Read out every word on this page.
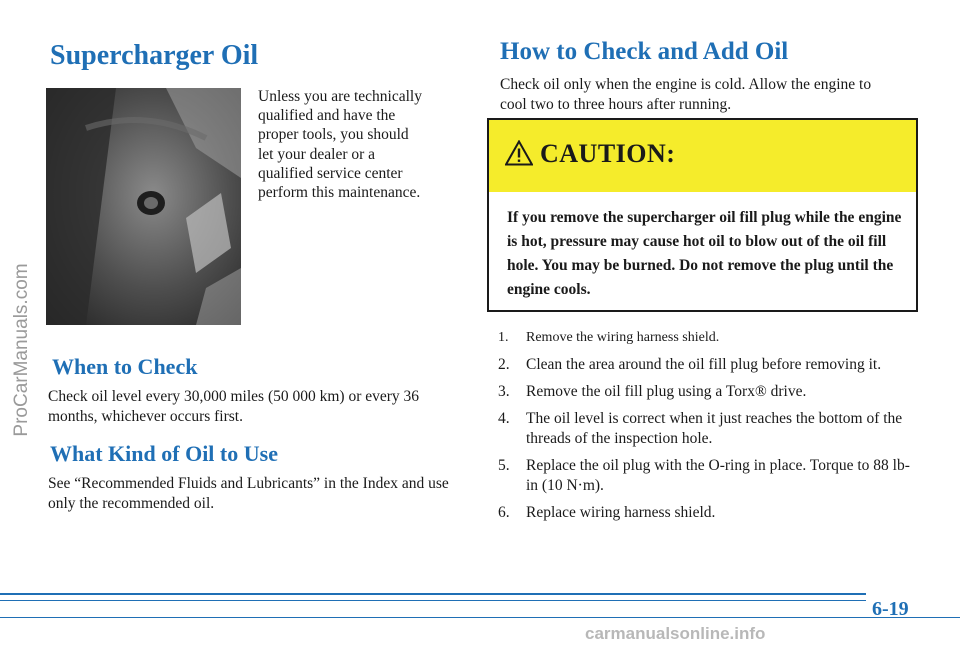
Supercharger Oil

Unless you are technically qualified and have the proper tools, you should let your dealer or a qualified service center perform this maintenance.

When to Check

Check oil level every 30,000 miles (50 000 km) or every 36 months, whichever occurs first.

What Kind of Oil to Use

See “Recommended Fluids and Lubricants” in the Index and use only the recommended oil.

How to Check and Add Oil

Check oil only when the engine is cold. Allow the engine to cool two to three hours after running.

CAUTION:

If you remove the supercharger oil fill plug while the engine is hot, pressure may cause hot oil to blow out of the oil fill hole. You may be burned. Do not remove the plug until the engine cools.

1. Remove the wiring harness shield.
2. Clean the area around the oil fill plug before removing it.
3. Remove the oil fill plug using a Torx® drive.
4. The oil level is correct when it just reaches the bottom of the threads of the inspection hole.
5. Replace the oil plug with the O-ring in place. Torque to 88 lb-in (10 N·m).
6. Replace wiring harness shield.
6-19
ProCarManuals.com
carmanualsonline.info
